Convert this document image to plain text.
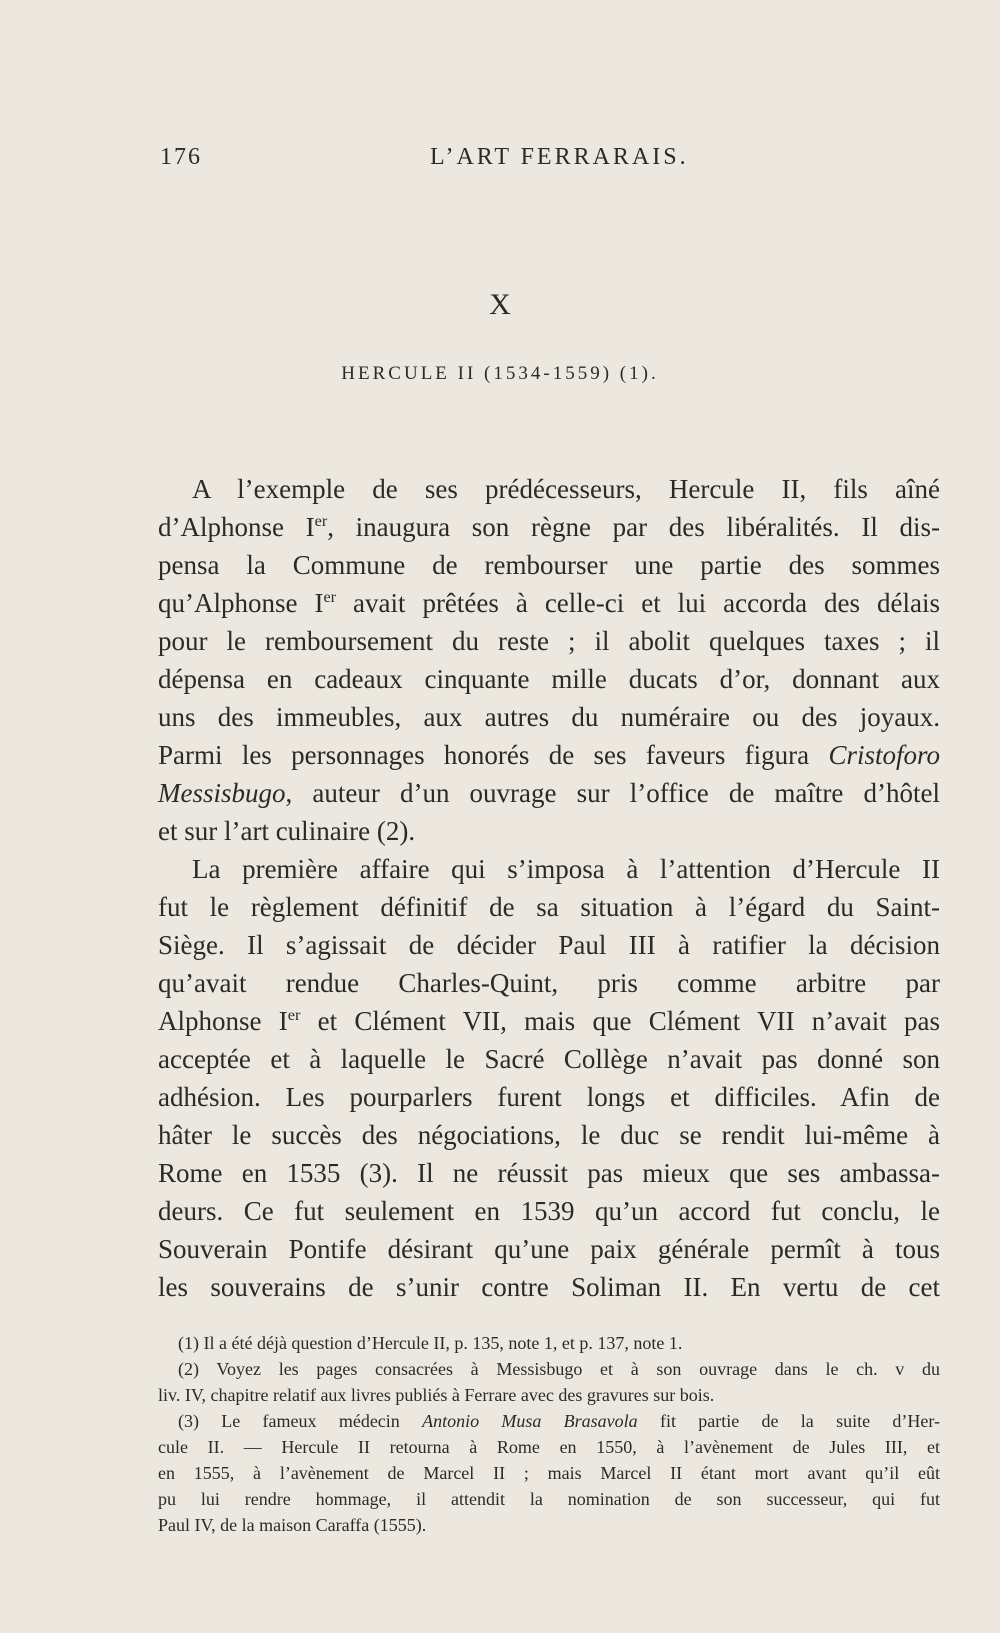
176	L’ART FERRARAIS.
X
HERCULE II (1534-1559) (1).
A l’exemple de ses prédécesseurs, Hercule II, fils aîné
d’Alphonse Ier, inaugura son règne par des libéralités. Il dis-
pensa la Commune de rembourser une partie des sommes
qu’Alphonse Ier avait prêtées à celle-ci et lui accorda des délais
pour le remboursement du reste ; il abolit quelques taxes ; il
dépensa en cadeaux cinquante mille ducats d’or, donnant aux
uns des immeubles, aux autres du numéraire ou des joyaux.
Parmi les personnages honorés de ses faveurs figura Cristoforo
Messisbugo, auteur d’un ouvrage sur l’office de maître d’hôtel
et sur l’art culinaire (2).
La première affaire qui s’imposa à l’attention d’Hercule II
fut le règlement définitif de sa situation à l’égard du Saint-
Siège. Il s’agissait de décider Paul III à ratifier la décision
qu’avait rendue Charles-Quint, pris comme arbitre par
Alphonse Ier et Clément VII, mais que Clément VII n’avait pas
acceptée et à laquelle le Sacré Collège n’avait pas donné son
adhésion. Les pourparlers furent longs et difficiles. Afin de
hâter le succès des négociations, le duc se rendit lui-même à
Rome en 1535 (3). Il ne réussit pas mieux que ses ambassa-
deurs. Ce fut seulement en 1539 qu’un accord fut conclu, le
Souverain Pontife désirant qu’une paix générale permît à tous
les souverains de s’unir contre Soliman II. En vertu de cet
(1) Il a été déjà question d’Hercule II, p. 135, note 1, et p. 137, note 1.
(2) Voyez les pages consacrées à Messisbugo et à son ouvrage dans le ch. v du
liv. IV, chapitre relatif aux livres publiés à Ferrare avec des gravures sur bois.
(3) Le fameux médecin Antonio Musa Brasavola fit partie de la suite d’Her-
cule II. — Hercule II retourna à Rome en 1550, à l’avènement de Jules III, et
en 1555, à l’avènement de Marcel II ; mais Marcel II étant mort avant qu’il eût
pu lui rendre hommage, il attendit la nomination de son successeur, qui fut
Paul IV, de la maison Caraffa (1555).
